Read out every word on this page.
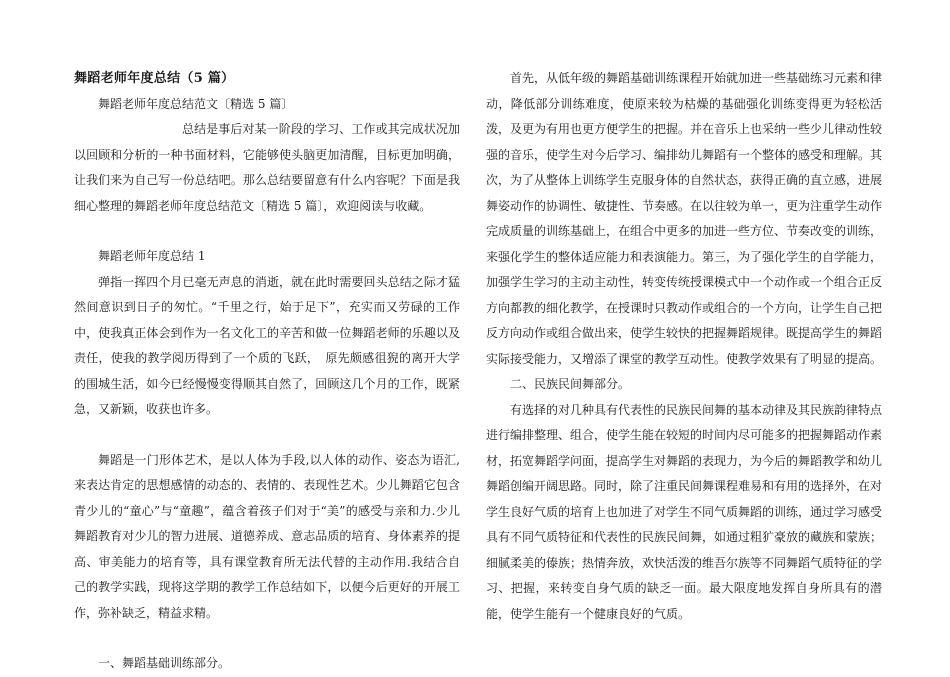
舞蹈老师年度总结（5 篇）

舞蹈老师年度总结范文〔精选 5 篇〕

总结是事后对某一阶段的学习、工作或其完成状况加以回顾和分析的一种书面材料，它能够使头脑更加清醒，目标更加明确，让我们来为自己写一份总结吧。那么总结要留意有什么内容呢？下面是我细心整理的舞蹈老师年度总结范文〔精选 5 篇〕，欢迎阅读与收藏。

舞蹈老师年度总结 1

弹指一挥四个月已毫无声息的消逝，就在此时需要回头总结之际才猛然间意识到日子的匆忙。“千里之行，始于足下”，充实而又劳碌的工作中，使我真正体会到作为一名文化工的辛苦和做一位舞蹈老师的乐趣以及责任，使我的教学阅历得到了一个质的飞跃，　原先颇感徂猊的离开大学的围城生活，如今已经慢慢变得顺其自然了，回顾这几个月的工作，既紧急，又新颖，收获也许多。

舞蹈是一门形体艺术，是以人体为手段,以人体的动作、姿态为语汇,来表达肯定的思想感情的动态的、表情的、表现性艺术。少儿舞蹈它包含青少儿的“童心”与“童趣”，蕴含着孩子们对于“美”的感受与亲和力.少儿舞蹈教育对少儿的智力进展、道德养成、意志品质的培育、身体素养的提高、审美能力的培育等，具有课堂教育所无法代替的主动作用.我结合自己的教学实践，现将这学期的教学工作总结如下，以便今后更好的开展工作，弥补缺乏，精益求精。

一、舞蹈基础训练部分。

首先，从低年级的舞蹈基础训练课程开始就加进一些基础练习元素和律动，降低部分训练难度，使原来较为枯燥的基础强化训练变得更为轻松活泼，及更为有用也更方便学生的把握。并在音乐上也采纳一些少儿律动性较强的音乐，使学生对今后学习、编排幼儿舞蹈有一个整体的感受和理解。其次，为了从整体上训练学生克服身体的自然状态，获得正确的直立感，进展舞姿动作的协调性、敏捷性、节奏感。在以往较为单一，更为注重学生动作完成质量的训练基础上，在组合中更多的加进一些方位、节奏改变的训练，来强化学生的整体适应能力和表演能力。第三，为了强化学生的自学能力，加强学生学习的主动主动性，转变传统授课模式中一个动作或一个组合正反方向都教的细化教学，在授课时只教动作或组合的一个方向，让学生自己把反方向动作或组合做出来，使学生较快的把握舞蹈规律。既提高学生的舞蹈实际接受能力，又增添了课堂的教学互动性。使教学效果有了明显的提高。

二、民族民间舞部分。

有选择的对几种具有代表性的民族民间舞的基本动律及其民族韵律特点进行编排整理、组合，使学生能在较短的时间内尽可能多的把握舞蹈动作素材，拓宽舞蹈学问面，提高学生对舞蹈的表现力，为今后的舞蹈教学和幼儿舞蹈创编开阔思路。同时，除了注重民间舞课程难易和有用的选择外，在对学生良好气质的培育上也加进了对学生不同气质舞蹈的训练，通过学习感受具有不同气质特征和代表性的民族民间舞，如通过粗犷豪放的藏族和蒙族；细腻柔美的傣族；热情奔放，欢快活泼的维吾尔族等不同舞蹈气质特征的学习、把握，来转变自身气质的缺乏一面。最大限度地发挥自身所具有的潜能，使学生能有一个健康良好的气质。
